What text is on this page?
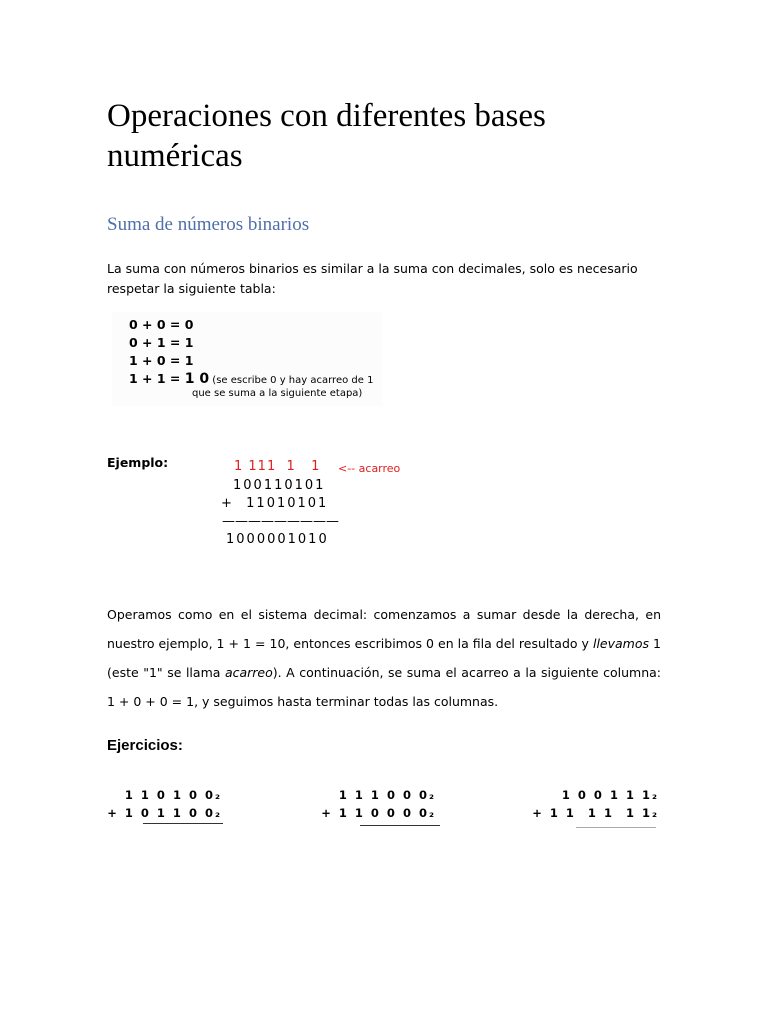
Operaciones con diferentes bases numéricas
Suma de números binarios
La suma con números binarios es similar a la suma con decimales, solo es necesario respetar la siguiente tabla:
0 + 0 = 0
0 + 1 = 1
1 + 0 = 1
1 + 1 = 1 0 (se escribe 0 y hay acarreo de 1
que se suma a la siguiente etapa)
Ejemplo:	1 111  1   1 <-- acarreo
100110101
+  11010101
—————————
1000001010
Operamos como en el sistema decimal: comenzamos a sumar desde la derecha, en nuestro ejemplo, 1 + 1 = 10, entonces escribimos 0 en la fila del resultado y llevamos 1 (este "1" se llama acarreo). A continuación, se suma el acarreo a la siguiente columna: 1 + 0 + 0 = 1, y seguimos hasta terminar todas las columnas.
Ejercicios:
1 1 0 1 0 0₂
+ 1 0 1 1 0 0₂
1 1 1 0 0 0₂
+ 1 1 0 0 0 0₂
1 0 0 1 1 1₂
+ 1 1  1 1  1 1₂
